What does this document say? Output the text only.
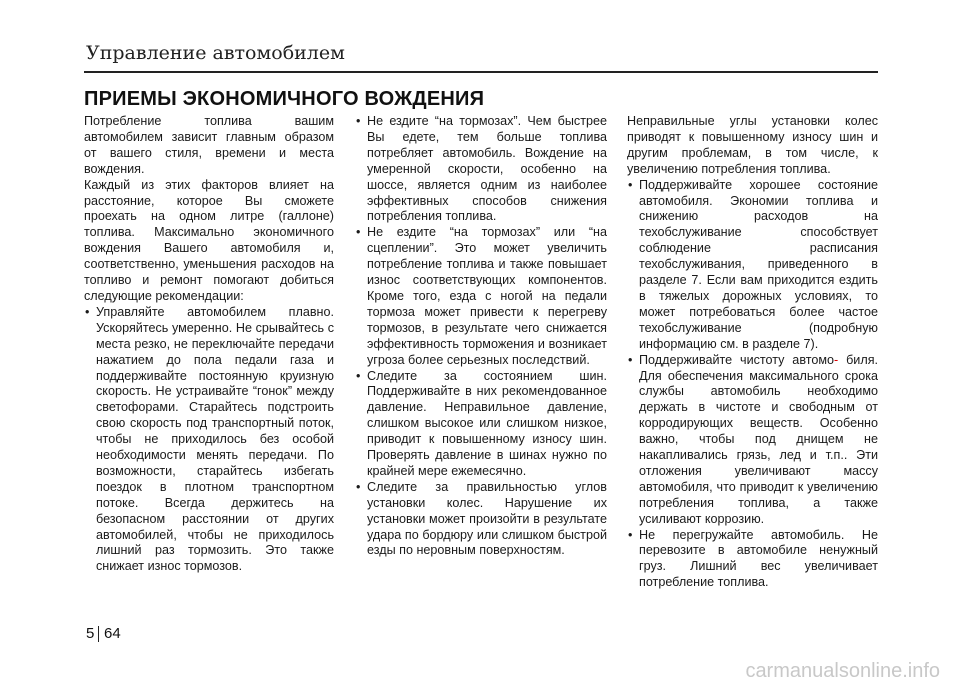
Управление автомобилем
ПРИЕМЫ ЭКОНОМИЧНОГО ВОЖДЕНИЯ

Потребление топлива вашим автомобилем зависит главным образом от вашего стиля, времени и места вождения.

Каждый из этих факторов влияет на расстояние, которое Вы сможете проехать на одном литре (галлоне) топлива. Максимально экономичного вождения Вашего автомобиля и, соответственно, уменьшения расходов на топливо и ремонт помогают добиться следующие рекомендации:

• Управляйте автомобилем плавно. Ускоряйтесь умеренно. Не срывайтесь с места резко, не переключайте передачи нажатием до пола педали газа и поддерживайте постоянную круизную скорость. Не устраивайте “гонок” между светофорами. Старайтесь подстроить свою скорость под транспортный поток, чтобы не приходилось без особой необходимости менять передачи. По возможности, старайтесь избегать поездок в плотном транспортном потоке. Всегда держитесь на безопасном расстоянии от других автомобилей, чтобы не приходилось лишний раз тормозить. Это также снижает износ тормозов.
• Не ездите “на тормозах”. Чем быстрее Вы едете, тем больше топлива потребляет автомобиль. Вождение на умеренной скорости, особенно на шоссе, является одним из наиболее эффективных способов снижения потребления топлива.
• Не ездите “на тормозах” или “на сцеплении”. Это может увеличить потребление топлива и также повышает износ соответствующих компонентов. Кроме того, езда с ногой на педали тормоза может привести к перегреву тормозов, в результате чего снижается эффективность торможения и возникает угроза более серьезных последствий.
• Следите за состоянием шин. Поддерживайте в них рекомендованное давление. Неправильное давление, слишком высокое или слишком низкое, приводит к повышенному износу шин. Проверять давление в шинах нужно по крайней мере ежемесячно.
• Следите за правильностью углов установки колес. Нарушение их установки может произойти в результате удара по бордюру или слишком быстрой езды по неровным поверхностям.

Неправильные углы установки колес приводят к повышенному износу шин и другим проблемам, в том числе, к увеличению потребления топлива.

• Поддерживайте хорошее состояние автомобиля. Экономии топлива и снижению расходов на техобслуживание способствует соблюдение расписания техобслуживания, приведенного в разделе 7. Если вам приходится ездить в тяжелых дорожных условиях, то может потребоваться более частое техобслуживание (подробную информацию см. в разделе 7).
• Поддерживайте чистоту автомо- биля. Для обеспечения максимального срока службы автомобиль необходимо держать в чистоте и свободным от корродирующих веществ. Особенно важно, чтобы под днищем не накапливались грязь, лед и т.п.. Эти отложения увеличивают массу автомобиля, что приводит к увеличению потребления топлива, а также усиливают коррозию.
• Не перегружайте автомобиль. Не перевозите в автомобиле ненужный груз. Лишний вес увеличивает потребление топлива.
5 64
carmanualsonline.info
